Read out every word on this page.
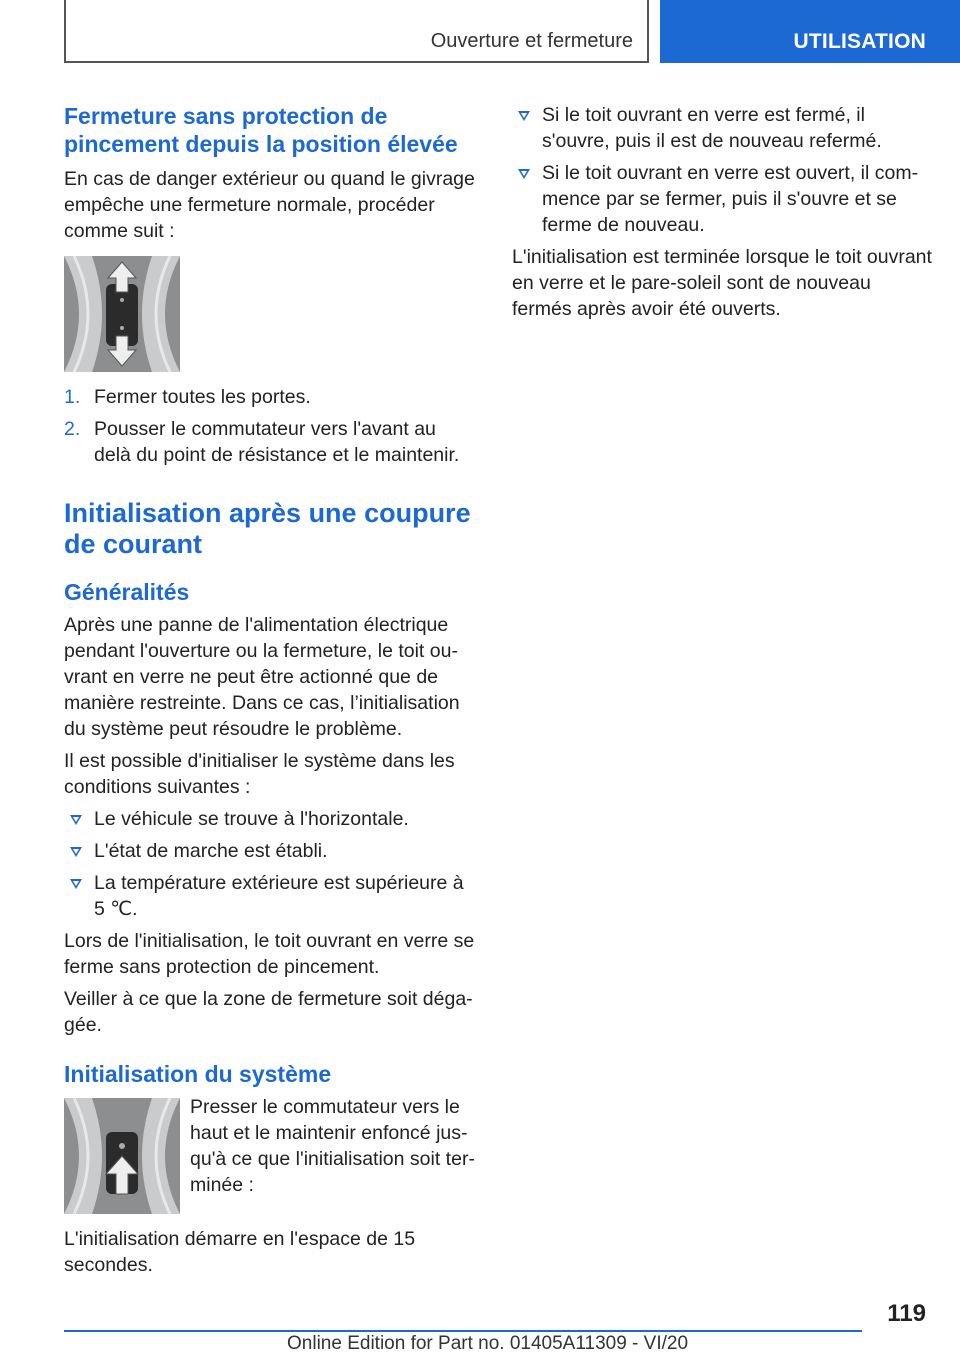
Ouverture et fermeture	UTILISATION
Fermeture sans protection de pincement depuis la position élevée

En cas de danger extérieur ou quand le givrage empêche une fermeture normale, procéder comme suit :

1. Fermer toutes les portes.
2. Pousser le commutateur vers l'avant au delà du point de résistance et le maintenir.
Initialisation après une coupure de courant
Généralités

Après une panne de l'alimentation électrique pendant l'ouverture ou la fermeture, le toit ouvrant en verre ne peut être actionné que de manière restreinte. Dans ce cas, l’initialisation du système peut résoudre le problème.

Il est possible d'initialiser le système dans les conditions suivantes :

Le véhicule se trouve à l'horizontale.
L'état de marche est établi.
La température extérieure est supérieure à 5 ℃.

Lors de l'initialisation, le toit ouvrant en verre se ferme sans protection de pincement.

Veiller à ce que la zone de fermeture soit dégagée.

Initialisation du système

Presser le commutateur vers le haut et le maintenir enfoncé jusqu'à ce que l'initialisation soit terminée :

L'initialisation démarre en l'espace de 15 secondes.

Si le toit ouvrant en verre est fermé, il s'ouvre, puis il est de nouveau refermé.
Si le toit ouvrant en verre est ouvert, il commence par se fermer, puis il s'ouvre et se ferme de nouveau.

L'initialisation est terminée lorsque le toit ouvrant en verre et le pare-soleil sont de nouveau fermés après avoir été ouverts.

119
Online Edition for Part no. 01405A11309 - VI/20
